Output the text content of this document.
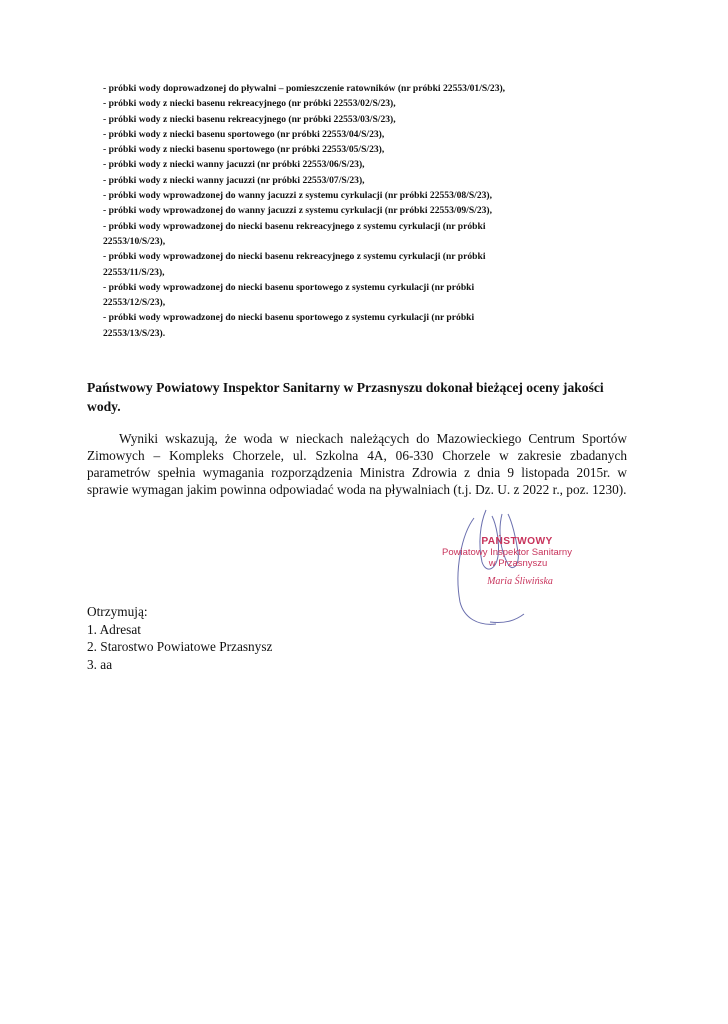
- próbki wody doprowadzonej do pływalni – pomieszczenie ratowników (nr próbki 22553/01/S/23),
- próbki wody z niecki basenu rekreacyjnego (nr próbki 22553/02/S/23),
- próbki wody z niecki basenu rekreacyjnego (nr próbki 22553/03/S/23),
- próbki wody z niecki basenu sportowego (nr próbki 22553/04/S/23),
- próbki wody z niecki basenu sportowego (nr próbki 22553/05/S/23),
- próbki wody z niecki wanny jacuzzi (nr próbki 22553/06/S/23),
- próbki wody z niecki wanny jacuzzi (nr próbki 22553/07/S/23),
- próbki wody wprowadzonej do wanny jacuzzi z systemu cyrkulacji (nr próbki 22553/08/S/23),
- próbki wody wprowadzonej do wanny jacuzzi z systemu cyrkulacji (nr próbki 22553/09/S/23),
- próbki wody wprowadzonej do niecki basenu rekreacyjnego z systemu cyrkulacji (nr próbki
22553/10/S/23),
- próbki wody wprowadzonej do niecki basenu rekreacyjnego z systemu cyrkulacji (nr próbki
22553/11/S/23),
- próbki wody wprowadzonej do niecki basenu sportowego z systemu cyrkulacji (nr próbki
22553/12/S/23),
- próbki wody wprowadzonej do niecki basenu sportowego z systemu cyrkulacji (nr próbki
22553/13/S/23).

Państwowy Powiatowy Inspektor Sanitarny w Przasnyszu dokonał bieżącej oceny jakości wody.

Wyniki wskazują, że woda w nieckach należących do Mazowieckiego Centrum Sportów Zimowych – Kompleks Chorzele, ul. Szkolna 4A, 06-330 Chorzele w zakresie zbadanych parametrów spełnia wymagania rozporządzenia Ministra Zdrowia z dnia 9 listopada 2015r. w sprawie wymagan jakim powinna odpowiadać woda na pływalniach (t.j. Dz. U. z 2022 r., poz. 1230).

PAŃSTWOWY
Powiatowy Inspektor Sanitarny
w Przasnyszu
Maria Śliwińska
Otrzymują:
1. Adresat
2. Starostwo Powiatowe Przasnysz
3. aa
